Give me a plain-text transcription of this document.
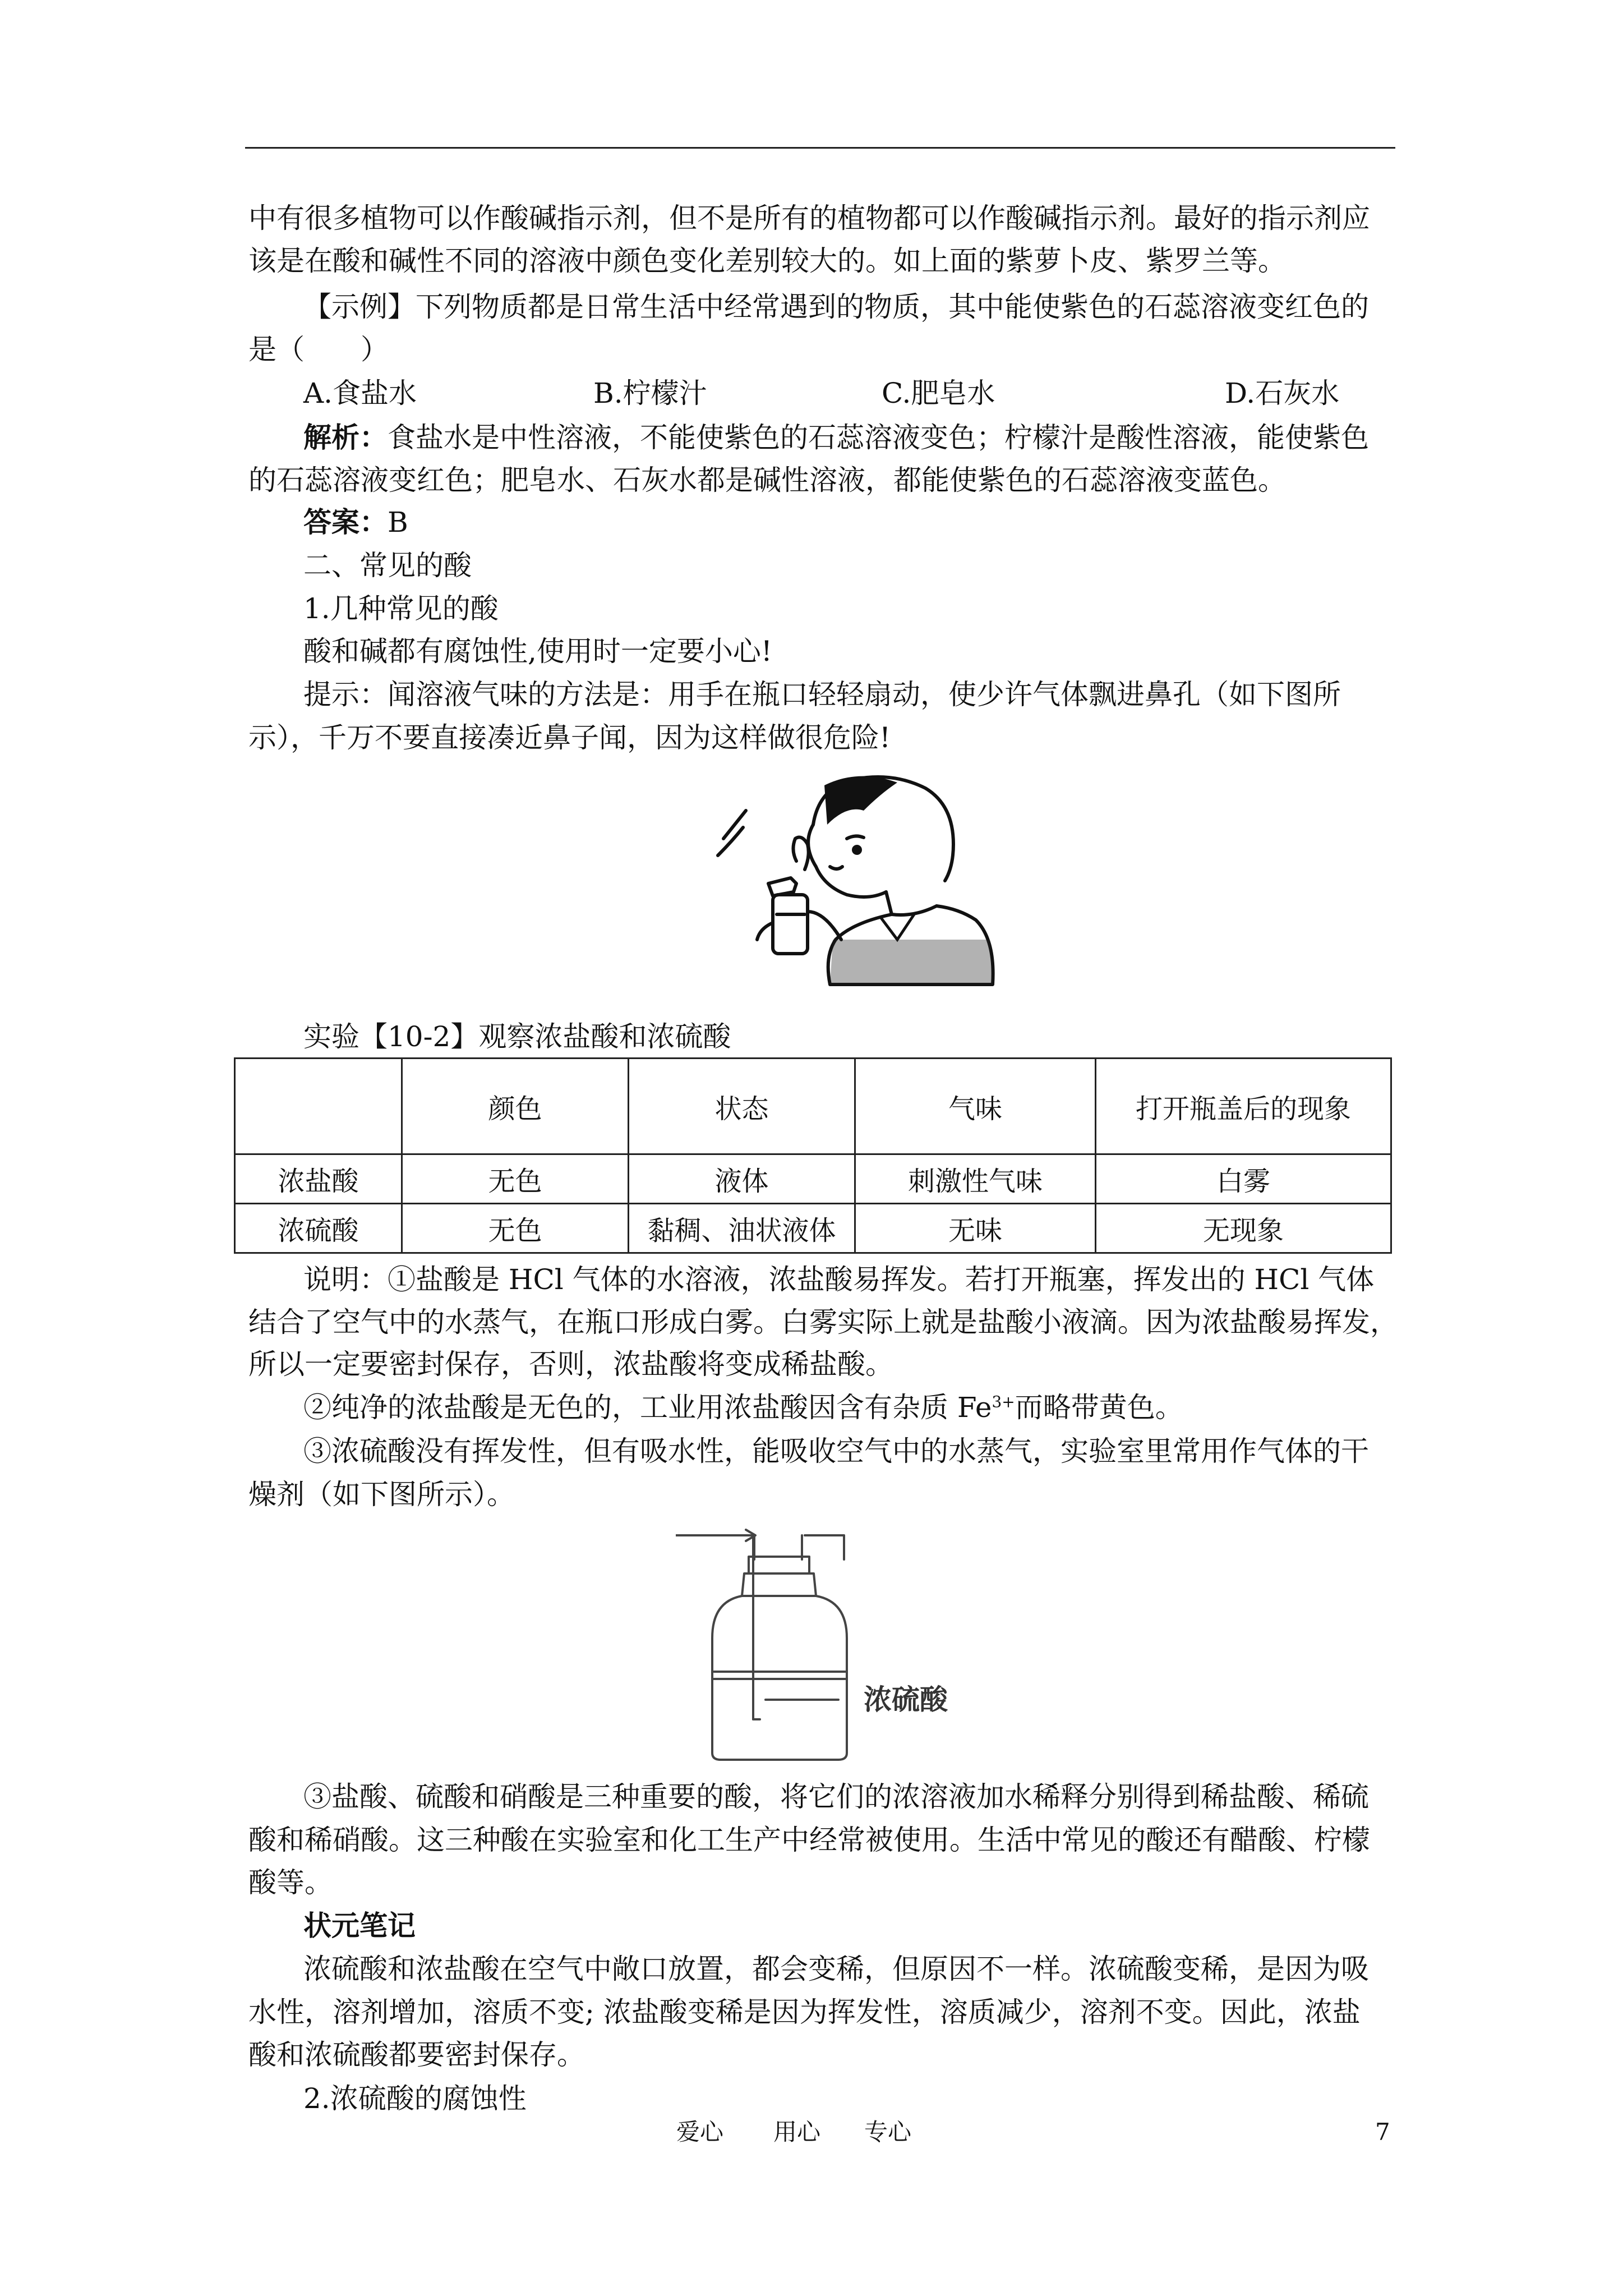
中有很多植物可以作酸碱指示剂，但不是所有的植物都可以作酸碱指示剂。最好的指示剂应
该是在酸和碱性不同的溶液中颜色变化差别较大的。如上面的紫萝卜皮、紫罗兰等。
【示例】下列物质都是日常生活中经常遇到的物质，其中能使紫色的石蕊溶液变红色的
是（　　）
A.食盐水	B.柠檬汁	C.肥皂水	D.石灰水
解析：食盐水是中性溶液，不能使紫色的石蕊溶液变色；柠檬汁是酸性溶液，能使紫色
的石蕊溶液变红色；肥皂水、石灰水都是碱性溶液，都能使紫色的石蕊溶液变蓝色。
答案：B
二、常见的酸
1.几种常见的酸
酸和碱都有腐蚀性,使用时一定要小心!
提示：闻溶液气味的方法是：用手在瓶口轻轻扇动，使少许气体飘进鼻孔（如下图所
示），千万不要直接凑近鼻子闻，因为这样做很危险!
实验【10-2】观察浓盐酸和浓硫酸
	颜色	状态	气味	打开瓶盖后的现象
浓盐酸	无色	液体	刺激性气味	白雾
浓硫酸	无色	黏稠、油状液体	无味	无现象
说明：①盐酸是 HCl 气体的水溶液，浓盐酸易挥发。若打开瓶塞，挥发出的 HCl 气体
结合了空气中的水蒸气，在瓶口形成白雾。白雾实际上就是盐酸小液滴。因为浓盐酸易挥发，
所以一定要密封保存，否则，浓盐酸将变成稀盐酸。
②纯净的浓盐酸是无色的，工业用浓盐酸因含有杂质 $Fe^{3+}$而略带黄色。
③浓硫酸没有挥发性，但有吸水性，能吸收空气中的水蒸气，实验室里常用作气体的干
燥剂（如下图所示）。
浓硫酸
③盐酸、硫酸和硝酸是三种重要的酸，将它们的浓溶液加水稀释分别得到稀盐酸、稀硫
酸和稀硝酸。这三种酸在实验室和化工生产中经常被使用。生活中常见的酸还有醋酸、柠檬
酸等。
状元笔记
浓硫酸和浓盐酸在空气中敞口放置，都会变稀，但原因不一样。浓硫酸变稀，是因为吸
水性，溶剂增加，溶质不变; 浓盐酸变稀是因为挥发性，溶质减少，溶剂不变。因此，浓盐
酸和浓硫酸都要密封保存。
2.浓硫酸的腐蚀性
爱心 用心 专心	7
